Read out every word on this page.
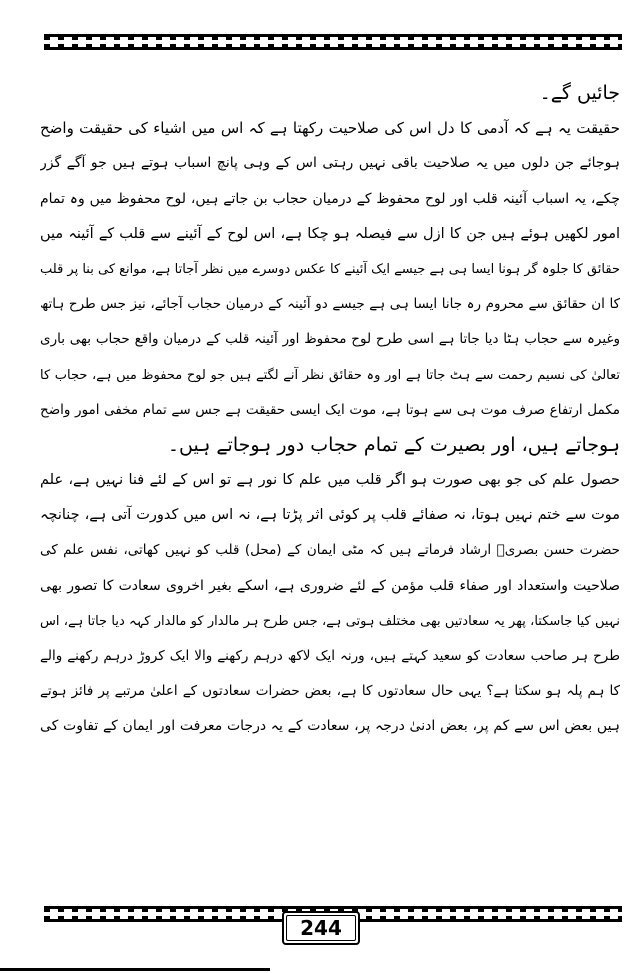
جائیں گے۔
حقیقت یہ ہے کہ آدمی کا دل اس کی صلاحیت رکھتا ہے کہ اس میں اشیاء کی حقیقت واضح
ہوجائے جن دلوں میں یہ صلاحیت باقی نہیں رہتی اس کے وہی پانچ اسباب ہوتے ہیں جو آگے گزر
چکے، یہ اسباب آئینہ قلب اور لوح محفوظ کے درمیان حجاب بن جاتے ہیں، لوح محفوظ میں وہ تمام
امور لکھیں ہوئے ہیں جن کا ازل سے فیصلہ ہو چکا ہے، اس لوح کے آئینے سے قلب کے آئینہ میں
حقائق کا جلوہ گر ہونا ایسا ہی ہے جیسے ایک آئینے کا عکس دوسرے میں نظر آجاتا ہے، موانع کی بنا پر قلب
کا ان حقائق سے محروم رہ جانا ایسا ہی ہے جیسے دو آئینہ کے درمیان حجاب آجائے، نیز جس طرح ہاتھ
وغیرہ سے حجاب ہٹا دیا جاتا ہے اسی طرح لوح محفوظ اور آئینہ قلب کے درمیان واقع حجاب بھی باری
تعالیٰ کی نسیم رحمت سے ہٹ جاتا ہے اور وہ حقائق نظر آنے لگتے ہیں جو لوح محفوظ میں ہے، حجاب کا
مکمل ارتفاع صرف موت ہی سے ہوتا ہے، موت ایک ایسی حقیقت ہے جس سے تمام مخفی امور واضح
ہوجاتے ہیں، اور بصیرت کے تمام حجاب دور ہوجاتے ہیں۔
حصول علم کی جو بھی صورت ہو اگر قلب میں علم کا نور ہے تو اس کے لئے فنا نہیں ہے، علم
موت سے ختم نہیں ہوتا، نہ صفائے قلب پر کوئی اثر پڑتا ہے، نہ اس میں کدورت آتی ہے، چنانچہ
حضرت حسن بصریؒ ارشاد فرماتے ہیں کہ مٹی ایمان کے (محل) قلب کو نہیں کھاتی، نفس علم کی
صلاحیت واستعداد اور صفاء قلب مؤمن کے لئے ضروری ہے، اسکے بغیر اخروی سعادت کا تصور بھی
نہیں کیا جاسکتا، پھر یہ سعادتیں بھی مختلف ہوتی ہے، جس طرح ہر مالدار کو مالدار کہہ دیا جاتا ہے، اس
طرح ہر صاحب سعادت کو سعید کہتے ہیں، ورنہ ایک لاکھ درہم رکھنے والا ایک کروڑ درہم رکھنے والے
کا ہم پلہ ہو سکتا ہے؟ یہی حال سعادتوں کا ہے، بعض حضرات سعادتوں کے اعلیٰ مرتبے پر فائز ہوتے
ہیں بعض اس سے کم پر، بعض ادنیٰ درجہ پر، سعادت کے یہ درجات معرفت اور ایمان کے تفاوت کی
244
